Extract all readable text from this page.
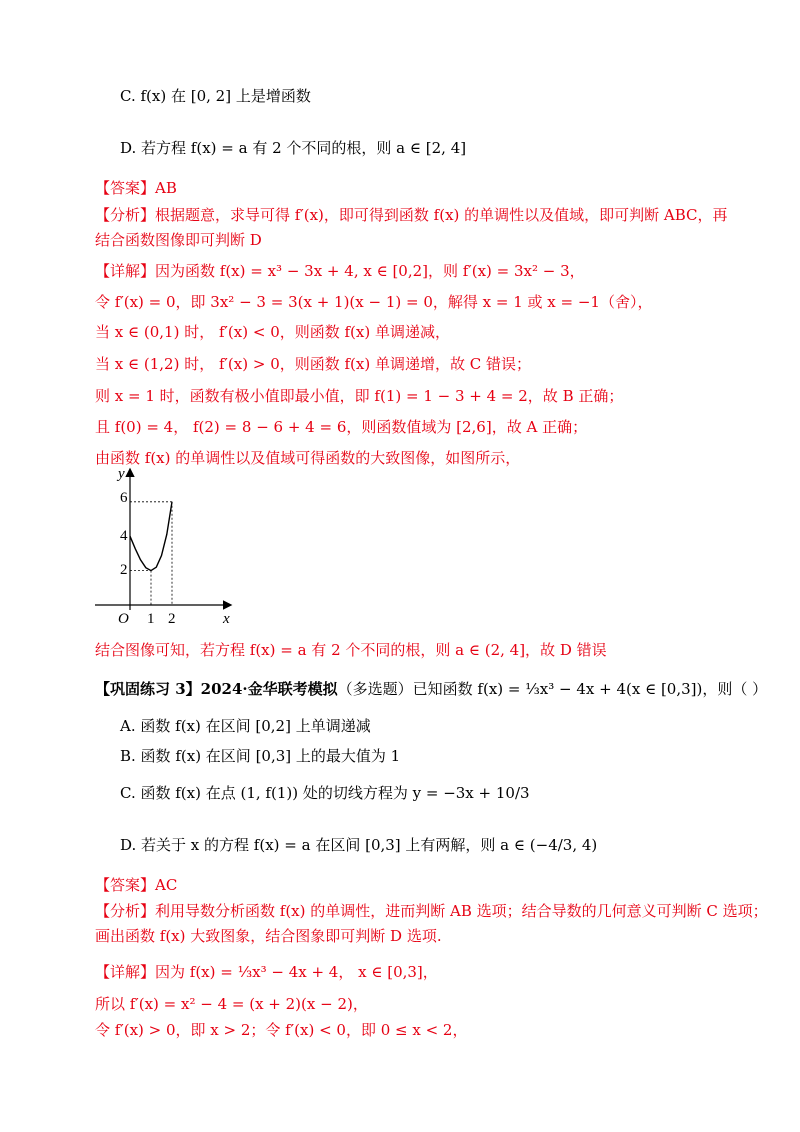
C. f(x) 在 [0, 2] 上是增函数
D. 若方程 f(x) = a 有 2 个不同的根，则 a ∈ [2, 4]
【答案】AB
【分析】根据题意，求导可得 f′(x)，即可得到函数 f(x) 的单调性以及值域，即可判断 ABC，再
结合函数图像即可判断 D
【详解】因为函数 f(x) = x³ − 3x + 4, x ∈ [0,2]，则 f′(x) = 3x² − 3，
令 f′(x) = 0，即 3x² − 3 = 3(x + 1)(x − 1) = 0，解得 x = 1 或 x = −1（舍），
当 x ∈ (0,1) 时， f′(x) < 0，则函数 f(x) 单调递减，
当 x ∈ (1,2) 时， f′(x) > 0，则函数 f(x) 单调递增，故 C 错误；
则 x = 1 时，函数有极小值即最小值，即 f(1) = 1 − 3 + 4 = 2，故 B 正确；
且 f(0) = 4， f(2) = 8 − 6 + 4 = 6，则函数值域为 [2,6]，故 A 正确；
由函数 f(x) 的单调性以及值域可得函数的大致图像，如图所示，
y
x
O 1 2
2
4
6
结合图像可知，若方程 f(x) = a 有 2 个不同的根，则 a ∈ (2, 4]，故 D 错误
【巩固练习 3】2024·金华联考模拟（多选题）已知函数 f(x) = ⅓x³ − 4x + 4(x ∈ [0,3])，则（ ）
A. 函数 f(x) 在区间 [0,2] 上单调递减
B. 函数 f(x) 在区间 [0,3] 上的最大值为 1
C. 函数 f(x) 在点 (1, f(1)) 处的切线方程为 y = −3x + 10/3
D. 若关于 x 的方程 f(x) = a 在区间 [0,3] 上有两解，则 a ∈ (−4/3, 4)
【答案】AC
【分析】利用导数分析函数 f(x) 的单调性，进而判断 AB 选项；结合导数的几何意义可判断 C 选项；
画出函数 f(x) 大致图象，结合图象即可判断 D 选项.
【详解】因为 f(x) = ⅓x³ − 4x + 4， x ∈ [0,3]，
所以 f′(x) = x² − 4 = (x + 2)(x − 2)，
令 f′(x) > 0，即 x > 2；令 f′(x) < 0，即 0 ≤ x < 2，
